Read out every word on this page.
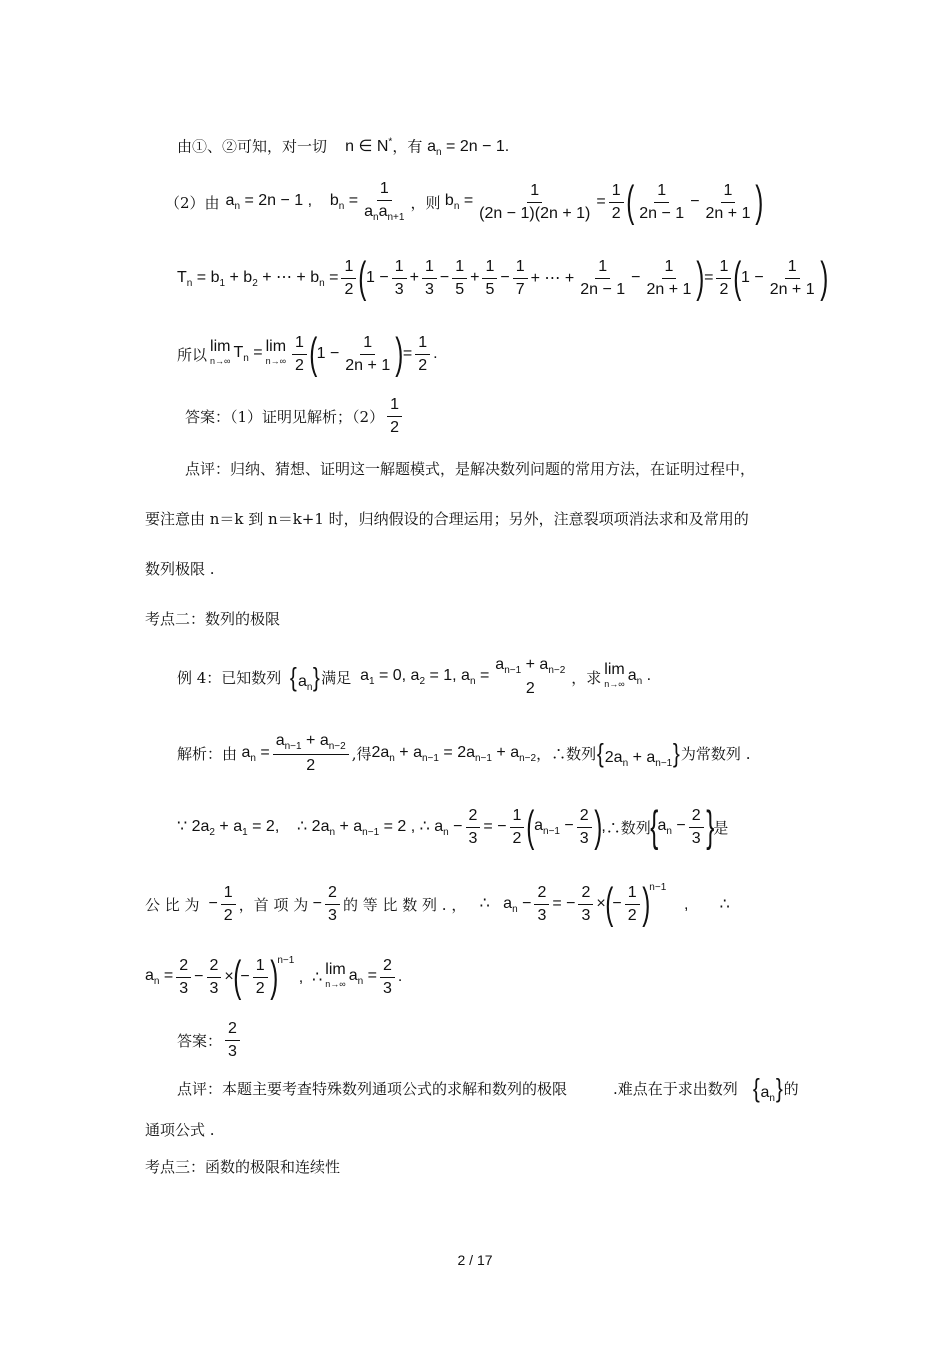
由①、②可知，对一切    n ∈ N*，有 $a_n = 2n - 1$.
（2）由 $a_n = 2n - 1$ ,    $b_n = \frac{1}{a_na_{n+1}}$ ，则 $b_n = \frac{1}{(2n - 1)(2n + 1)} = \frac{1}{2}$ ( $\frac{1}{2n - 1} - \frac{1}{2n + 1}$ )
$T_n = b_1 + b_2$ + ⋯ + $b_n = \frac{1}{2}$ ( $1 - \frac{1}{3} + \frac{1}{3} - \frac{1}{5} + \frac{1}{5} - \frac{1}{7}$ + ⋯ + $\frac{1}{2n - 1} - \frac{1}{2n + 1}$ ) = $\frac{1}{2}$ ( $1 - \frac{1}{2n + 1}$ )
所以 lim
n→∞
$T_n = \lim$
$n\to\infty \frac{1}{2}$ ( $1 - \frac{1}{2n + 1}$ ) = $\frac{1}{2}$ .
答案：（1）证明见解析；$(2) \frac{1}{2}$
点评：归纳、猜想、证明这一解题模式，是解决数列问题的常用方法，在证明过程中，
要注意由 n＝k 到 n＝k+1 时，归纳假设的合理运用；另外，注意裂项项消法求和及常用的
数列极限 .
考点二：数列的极限
例 4：已知数列 $\{a_n\}$ 满足 $a_1 = 0$, $a_2 = 1$, $a_n$ =
$a_{n-1} + a_{n-2}$
2
，求 lim
n→∞
$a_n$ .
解析：由 $a_n = \frac{a_{n-1} + a_{n-2}}{2}$ ,得 $2a_n + a_{n-1} = 2a_{n-1} + a_{n-2}$ ，∴数列 $\{2a_n + a_{n-1}\}$ 为常数列 .
∵ $2a_2 + a_1 = 2$,    ∴ $2a_n + a_{n-1} = 2$ , ∴ $a_n - \frac{2}{3}$ = − $\frac{1}{2}$ ( $a_{n-1} - \frac{2}{3}$ ) , ∴数列 { $a_n - \frac{2}{3}$ } 是
公 比 为 − $\frac{1}{2}$ ，首 项 为 − $\frac{2}{3}$ 的 等 比 数 列 . ， ∴   $a_n - \frac{2}{3}$ = − $\frac{2}{3}$ × ( − $\frac{1}{2} )^{n-1}$
,       ∴
$a_n = \frac{2}{3} - \frac{2}{3}$ × ( − $\frac{1}{2} )^{n-1}$
,  ∴ lim
n→∞
$a_n = \frac{2}{3}$ .
答案： $\frac{2}{3}$
点评：本题主要考查特殊数列通项公式的求解和数列的极限	.难点在于求出数列 $\{a_n\}$ 的
通项公式 .
考点三：函数的极限和连续性
2 / 17
